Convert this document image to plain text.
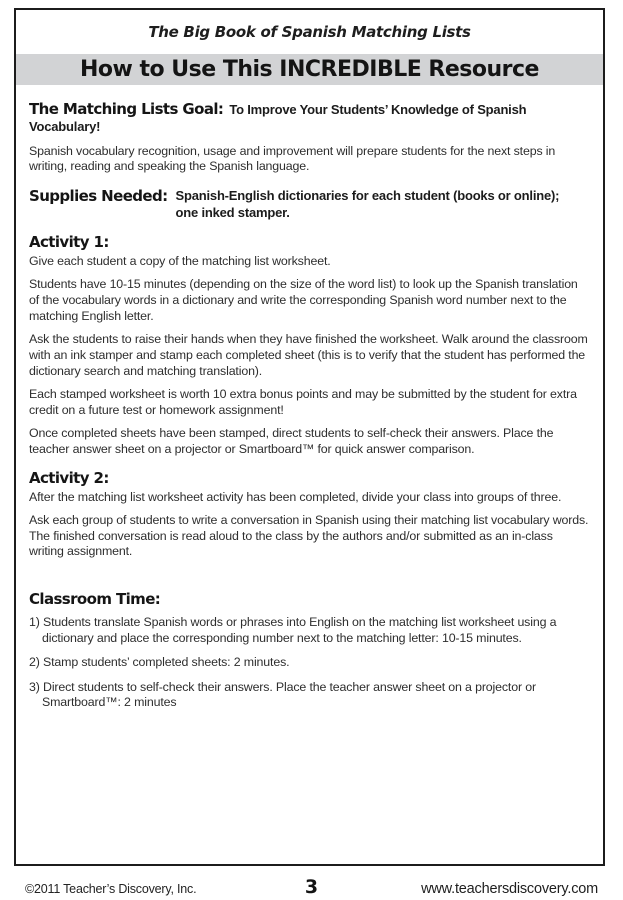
The Big Book of Spanish Matching Lists
How to Use This INCREDIBLE Resource

The Matching Lists Goal: To Improve Your Students’ Knowledge of Spanish Vocabulary!

Spanish vocabulary recognition, usage and improvement will prepare students for the next steps in writing, reading and speaking the Spanish language.

Supplies Needed: Spanish-English dictionaries for each student (books or online);
one inked stamper.
Activity 1:

Give each student a copy of the matching list worksheet.

Students have 10-15 minutes (depending on the size of the word list) to look up the Spanish translation of the vocabulary words in a dictionary and write the corresponding Spanish word number next to the matching English letter.

Ask the students to raise their hands when they have finished the worksheet. Walk around the classroom with an ink stamper and stamp each completed sheet (this is to verify that the student has performed the dictionary search and matching translation).

Each stamped worksheet is worth 10 extra bonus points and may be submitted by the student for extra credit on a future test or homework assignment!

Once completed sheets have been stamped, direct students to self-check their answers. Place the teacher answer sheet on a projector or Smartboard™ for quick answer comparison.

Activity 2:

After the matching list worksheet activity has been completed, divide your class into groups of three.

Ask each group of students to write a conversation in Spanish using their matching list vocabulary words. The finished conversation is read aloud to the class by the authors and/or submitted as an in-class writing assignment.

Classroom Time:
1) Students translate Spanish words or phrases into English on the matching list worksheet using a dictionary and place the corresponding number next to the matching letter: 10-15 minutes.
2) Stamp students’ completed sheets: 2 minutes.
3) Direct students to self-check their answers. Place the teacher answer sheet on a projector or Smartboard™: 2 minutes
©2011 Teacher’s Discovery, Inc.	3	www.teachersdiscovery.com
